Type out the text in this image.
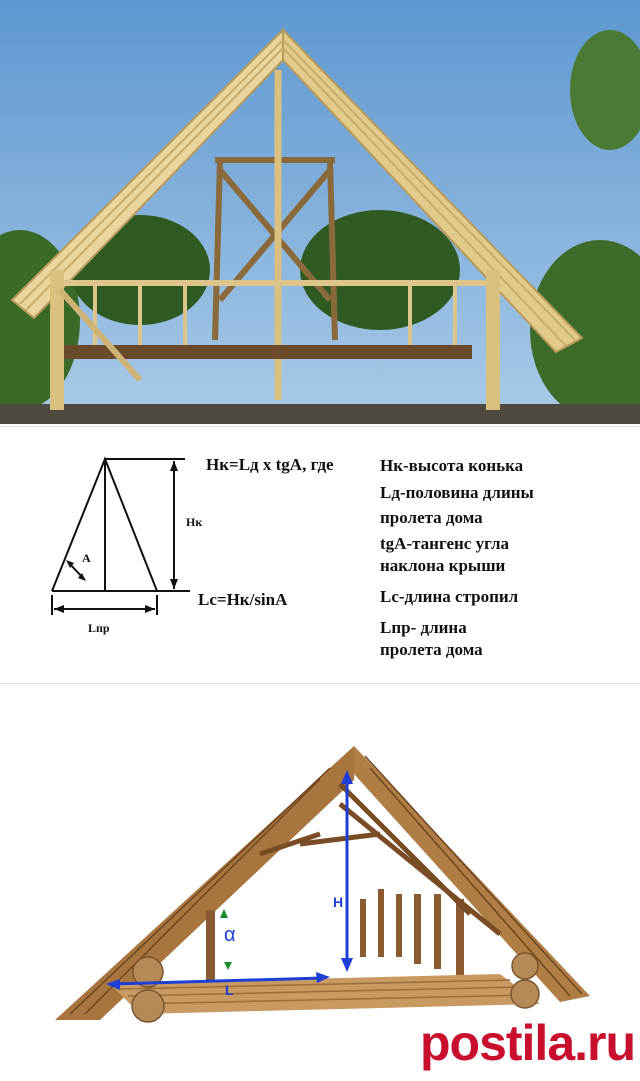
Нк
А
Lпр
Нк=Lд х tgA, где
Lс=Нк/sinA
Нк-высота конька
Lд-половина длины
пролета дома
tgA-тангенс угла
наклона крыши
Lс-длина стропил
Lпр- длина
пролета дома
H
α
L
postila.ru
